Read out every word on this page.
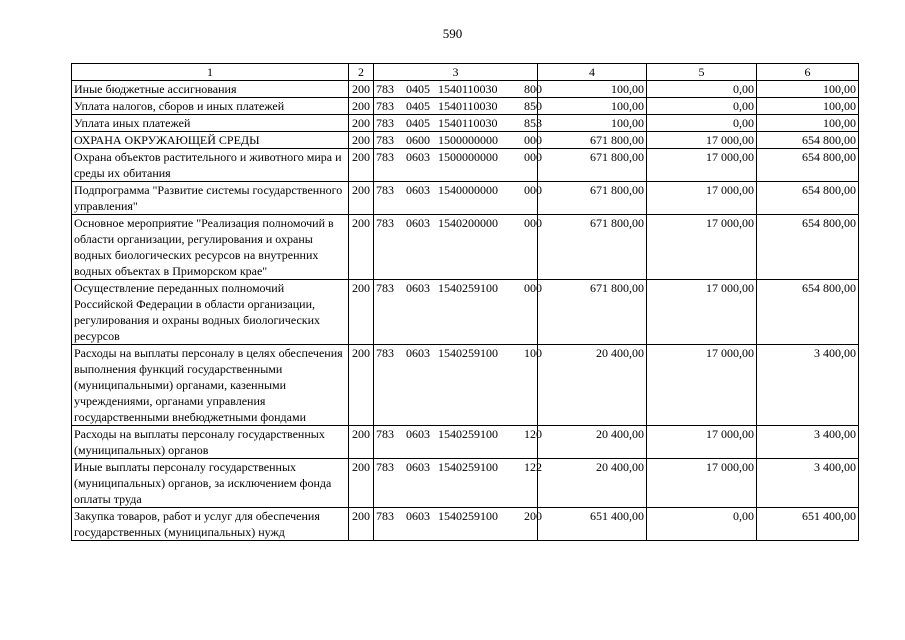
590
1	2	3	4	5	6
Иные бюджетные ассигнования	200	783 0405 1540110030 800	100,00	0,00	100,00
Уплата налогов, сборов и иных платежей	200	783 0405 1540110030 850	100,00	0,00	100,00
Уплата иных платежей	200	783 0405 1540110030 853	100,00	0,00	100,00
ОХРАНА ОКРУЖАЮЩЕЙ СРЕДЫ	200	783 0600 1500000000 000	671 800,00	17 000,00	654 800,00
Охрана объектов растительного и животного мира и среды их обитания	200	783 0603 1500000000 000	671 800,00	17 000,00	654 800,00
Подпрограмма "Развитие системы государственного управления"	200	783 0603 1540000000 000	671 800,00	17 000,00	654 800,00
Основное мероприятие "Реализация полномочий в области организации, регулирования и охраны водных биологических ресурсов на внутренних водных объектах в Приморском крае"	200	783 0603 1540200000 000	671 800,00	17 000,00	654 800,00
Осуществление переданных полномочий Российской Федерации в области организации, регулирования и охраны водных биологических ресурсов	200	783 0603 1540259100 000	671 800,00	17 000,00	654 800,00
Расходы на выплаты персоналу в целях обеспечения выполнения функций государственными (муниципальными) органами, казенными учреждениями, органами управления государственными внебюджетными фондами	200	783 0603 1540259100 100	20 400,00	17 000,00	3 400,00
Расходы на выплаты персоналу государственных (муниципальных) органов	200	783 0603 1540259100 120	20 400,00	17 000,00	3 400,00
Иные выплаты персоналу государственных (муниципальных) органов, за исключением фонда оплаты труда	200	783 0603 1540259100 122	20 400,00	17 000,00	3 400,00
Закупка товаров, работ и услуг для обеспечения государственных (муниципальных) нужд	200	783 0603 1540259100 200	651 400,00	0,00	651 400,00
